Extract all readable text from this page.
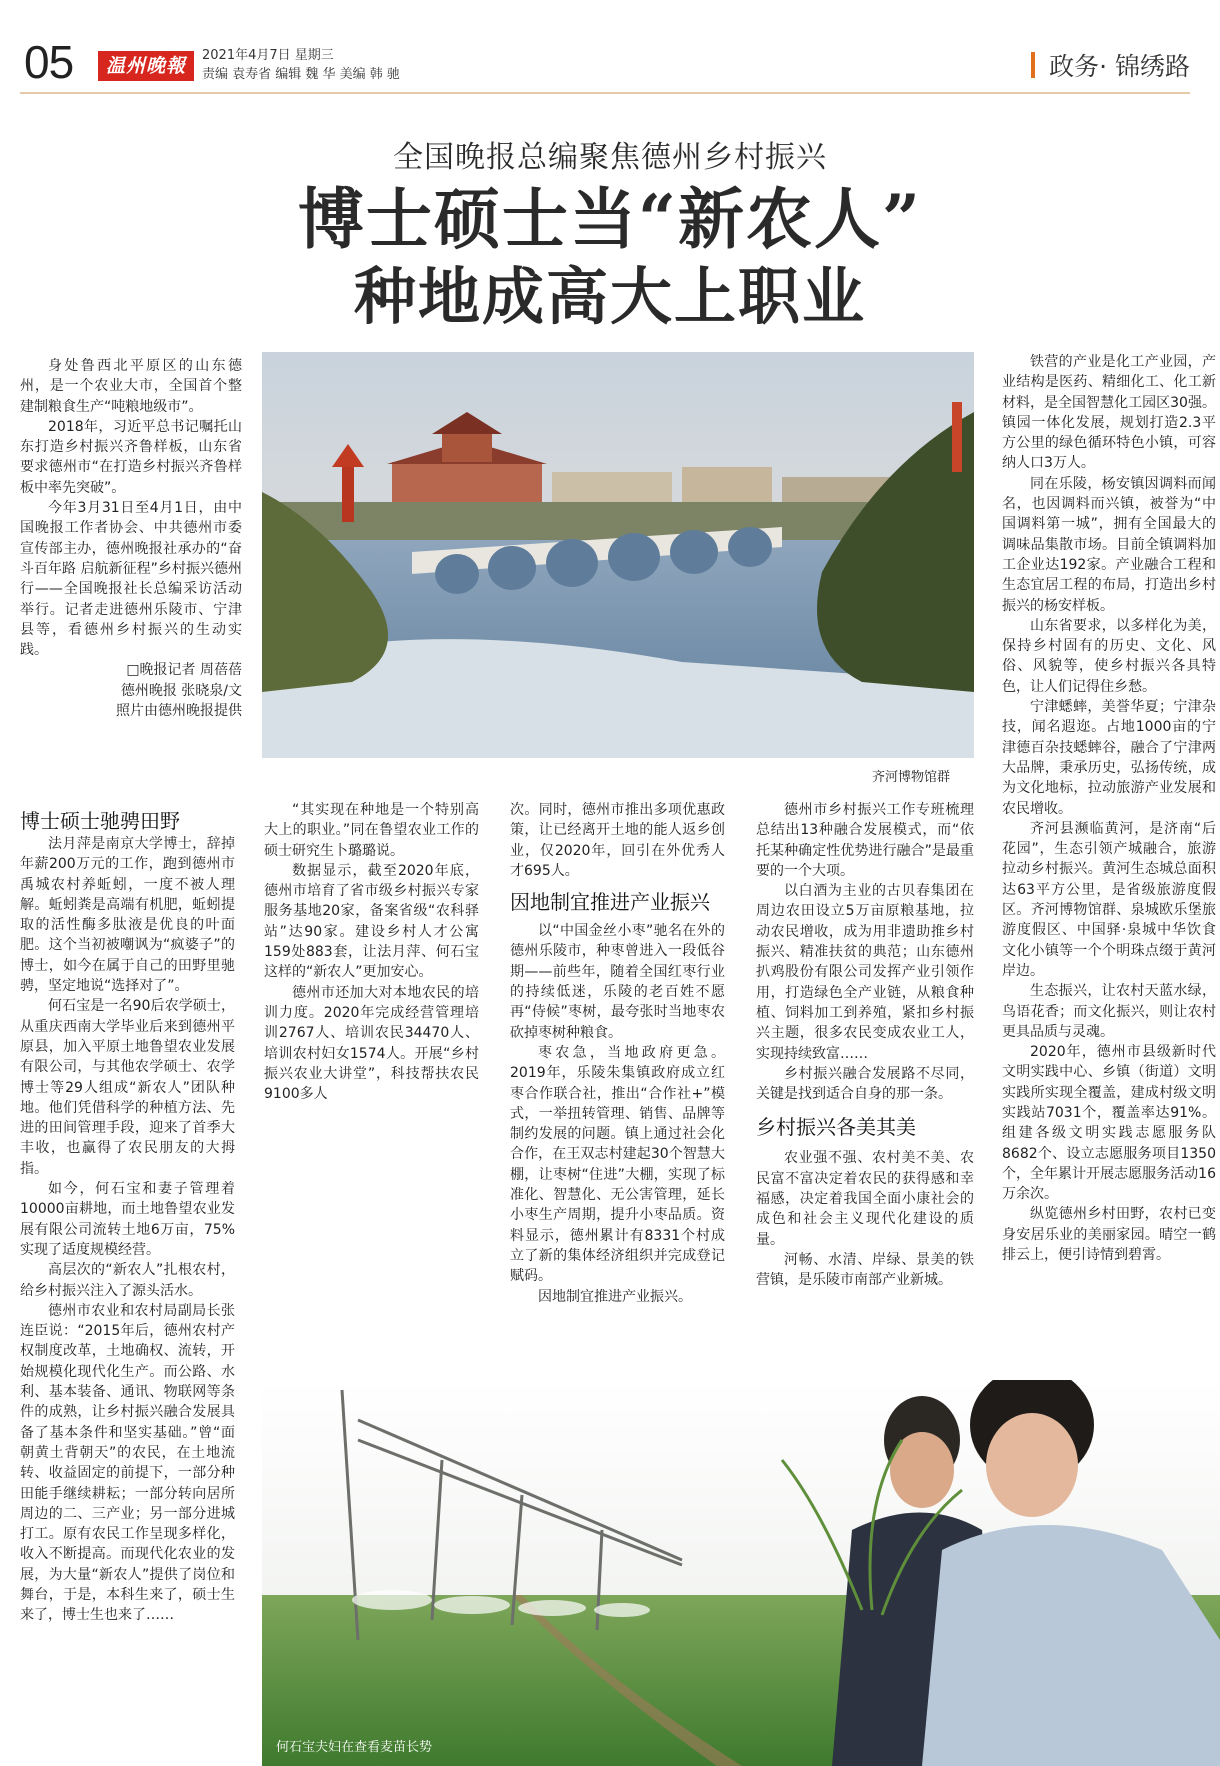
05	温州晚報	2021年4月7日 星期三
责编 袁寿省 编辑 魏 华 美编 韩 驰	政务· 锦绣路
全国晚报总编聚焦德州乡村振兴
博士硕士当“新农人”
种地成高大上职业

身处鲁西北平原区的山东德州，是一个农业大市，全国首个整建制粮食生产“吨粮地级市”。

2018年，习近平总书记嘱托山东打造乡村振兴齐鲁样板，山东省要求德州市“在打造乡村振兴齐鲁样板中率先突破”。

今年3月31日至4月1日，由中国晚报工作者协会、中共德州市委宣传部主办，德州晚报社承办的“奋斗百年路 启航新征程”乡村振兴德州行——全国晚报社长总编采访活动举行。记者走进德州乐陵市、宁津县等，看德州乡村振兴的生动实践。

□晚报记者 周蓓蓓

德州晚报 张晓泉/文

照片由德州晚报提供

齐河博物馆群
博士硕士驰骋田野

法月萍是南京大学博士，辞掉年薪200万元的工作，跑到德州市禹城农村养蚯蚓，一度不被人理解。蚯蚓粪是高端有机肥，蚯蚓提取的活性酶多肽液是优良的叶面肥。这个当初被嘲讽为“疯婆子”的博士，如今在属于自己的田野里驰骋，坚定地说“选择对了”。

何石宝是一名90后农学硕士，从重庆西南大学毕业后来到德州平原县，加入平原土地鲁望农业发展有限公司，与其他农学硕士、农学博士等29人组成“新农人”团队种地。他们凭借科学的种植方法、先进的田间管理手段，迎来了首季大丰收，也赢得了农民朋友的大拇指。

如今，何石宝和妻子管理着10000亩耕地，而土地鲁望农业发展有限公司流转土地6万亩，75%实现了适度规模经营。

高层次的“新农人”扎根农村，给乡村振兴注入了源头活水。

德州市农业和农村局副局长张连臣说：“2015年后，德州农村产权制度改革，土地确权、流转，开始规模化现代化生产。而公路、水利、基本装备、通讯、物联网等条件的成熟，让乡村振兴融合发展具备了基本条件和坚实基础。”曾“面朝黄土背朝天”的农民，在土地流转、收益固定的前提下，一部分种田能手继续耕耘；一部分转向居所周边的二、三产业；另一部分进城打工。原有农民工作呈现多样化，收入不断提高。而现代化农业的发展，为大量“新农人”提供了岗位和舞台，于是，本科生来了，硕士生来了，博士生也来了……

“其实现在种地是一个特别高大上的职业。”同在鲁望农业工作的硕士研究生卜璐璐说。

数据显示，截至2020年底，德州市培育了省市级乡村振兴专家服务基地20家，备案省级“农科驿站”达90家。建设乡村人才公寓159处883套，让法月萍、何石宝这样的“新农人”更加安心。

德州市还加大对本地农民的培训力度。2020年完成经营管理培训2767人、培训农民34470人、培训农村妇女1574人。开展“乡村振兴农业大讲堂”，科技帮扶农民9100多人

次。同时，德州市推出多项优惠政策，让已经离开土地的能人返乡创业，仅2020年，回引在外优秀人才695人。

因地制宜推进产业振兴

以“中国金丝小枣”驰名在外的德州乐陵市，种枣曾进入一段低谷期——前些年，随着全国红枣行业的持续低迷，乐陵的老百姓不愿再“侍候”枣树，最夸张时当地枣农砍掉枣树种粮食。

枣农急，当地政府更急。2019年，乐陵朱集镇政府成立红枣合作联合社，推出“合作社+”模式，一举扭转管理、销售、品牌等制约发展的问题。镇上通过社会化合作，在王双志村建起30个智慧大棚，让枣树“住进”大棚，实现了标准化、智慧化、无公害管理，延长小枣生产周期，提升小枣品质。资料显示，德州累计有8331个村成立了新的集体经济组织并完成登记赋码。

因地制宜推进产业振兴。

德州市乡村振兴工作专班梳理总结出13种融合发展模式，而“依托某种确定性优势进行融合”是最重要的一个大项。

以白酒为主业的古贝春集团在周边农田设立5万亩原粮基地，拉动农民增收，成为用非遗助推乡村振兴、精准扶贫的典范；山东德州扒鸡股份有限公司发挥产业引领作用，打造绿色全产业链，从粮食种植、饲料加工到养殖，紧扣乡村振兴主题，很多农民变成农业工人，实现持续致富……

乡村振兴融合发展路不尽同，关键是找到适合自身的那一条。

乡村振兴各美其美

农业强不强、农村美不美、农民富不富决定着农民的获得感和幸福感，决定着我国全面小康社会的成色和社会主义现代化建设的质量。

河畅、水清、岸绿、景美的铁营镇，是乐陵市南部产业新城。

铁营的产业是化工产业园，产业结构是医药、精细化工、化工新材料，是全国智慧化工园区30强。镇园一体化发展，规划打造2.3平方公里的绿色循环特色小镇，可容纳人口3万人。

同在乐陵，杨安镇因调料而闻名，也因调料而兴镇，被誉为“中国调料第一城”，拥有全国最大的调味品集散市场。目前全镇调料加工企业达192家。产业融合工程和生态宜居工程的布局，打造出乡村振兴的杨安样板。

山东省要求，以多样化为美，保持乡村固有的历史、文化、风俗、风貌等，使乡村振兴各具特色，让人们记得住乡愁。

宁津蟋蟀，美誉华夏；宁津杂技，闻名遐迩。占地1000亩的宁津德百杂技蟋蟀谷，融合了宁津两大品牌，秉承历史，弘扬传统，成为文化地标，拉动旅游产业发展和农民增收。

齐河县濒临黄河，是济南“后花园”，生态引领产城融合，旅游拉动乡村振兴。黄河生态城总面积达63平方公里，是省级旅游度假区。齐河博物馆群、泉城欧乐堡旅游度假区、中国驿·泉城中华饮食文化小镇等一个个明珠点缀于黄河岸边。

生态振兴，让农村天蓝水绿，鸟语花香；而文化振兴，则让农村更具品质与灵魂。

2020年，德州市县级新时代文明实践中心、乡镇（街道）文明实践所实现全覆盖，建成村级文明实践站7031个，覆盖率达91%。组建各级文明实践志愿服务队8682个、设立志愿服务项目1350个，全年累计开展志愿服务活动16万余次。

纵览德州乡村田野，农村已变身安居乐业的美丽家园。晴空一鹤排云上，便引诗情到碧霄。

何石宝夫妇在查看麦苗长势
